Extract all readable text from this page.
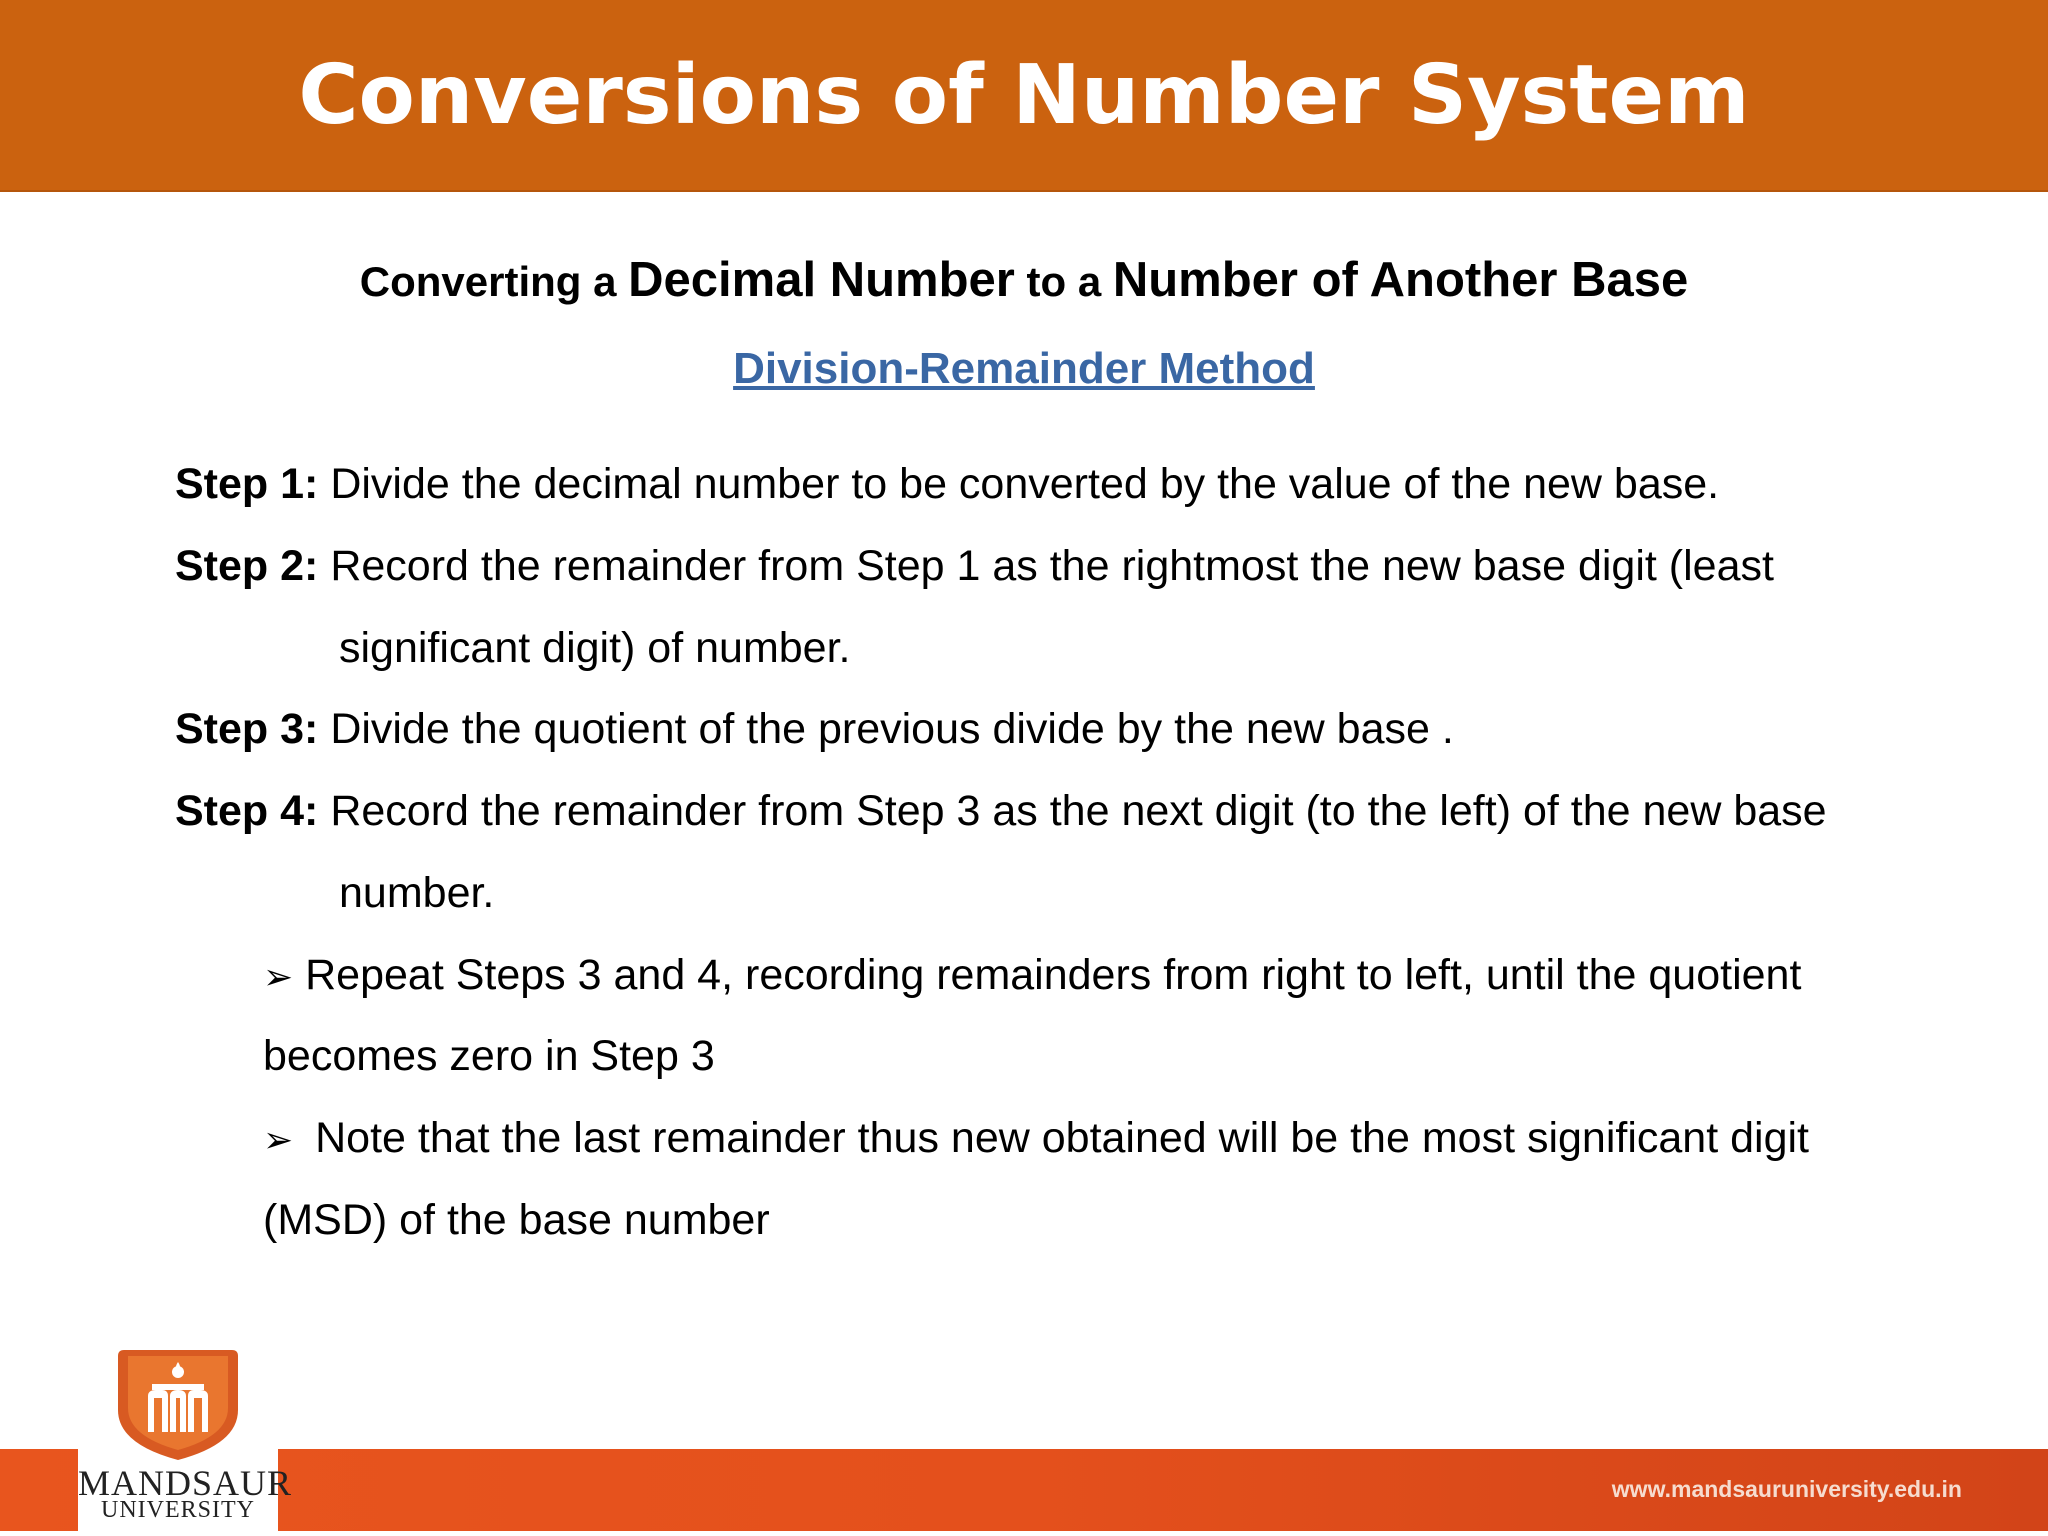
Conversions of Number System
Converting a Decimal Number to a Number of Another Base
Division-Remainder Method
Step 1: Divide the decimal number to be converted by the value of the new base.
Step 2: Record the remainder from Step 1 as the rightmost the new base digit (least
significant digit) of number.
Step 3: Divide the quotient of the previous divide by the new base .
Step 4: Record the remainder from Step 3 as the next digit (to the left) of the new base
number.
➢ Repeat Steps 3 and 4, recording remainders from right to left, until the quotient
becomes zero in Step 3
➢ Note that the last remainder thus new obtained will be the most significant digit
(MSD) of the base number
www.mandsauruniversity.edu.in
MANDSAUR
UNIVERSITY
